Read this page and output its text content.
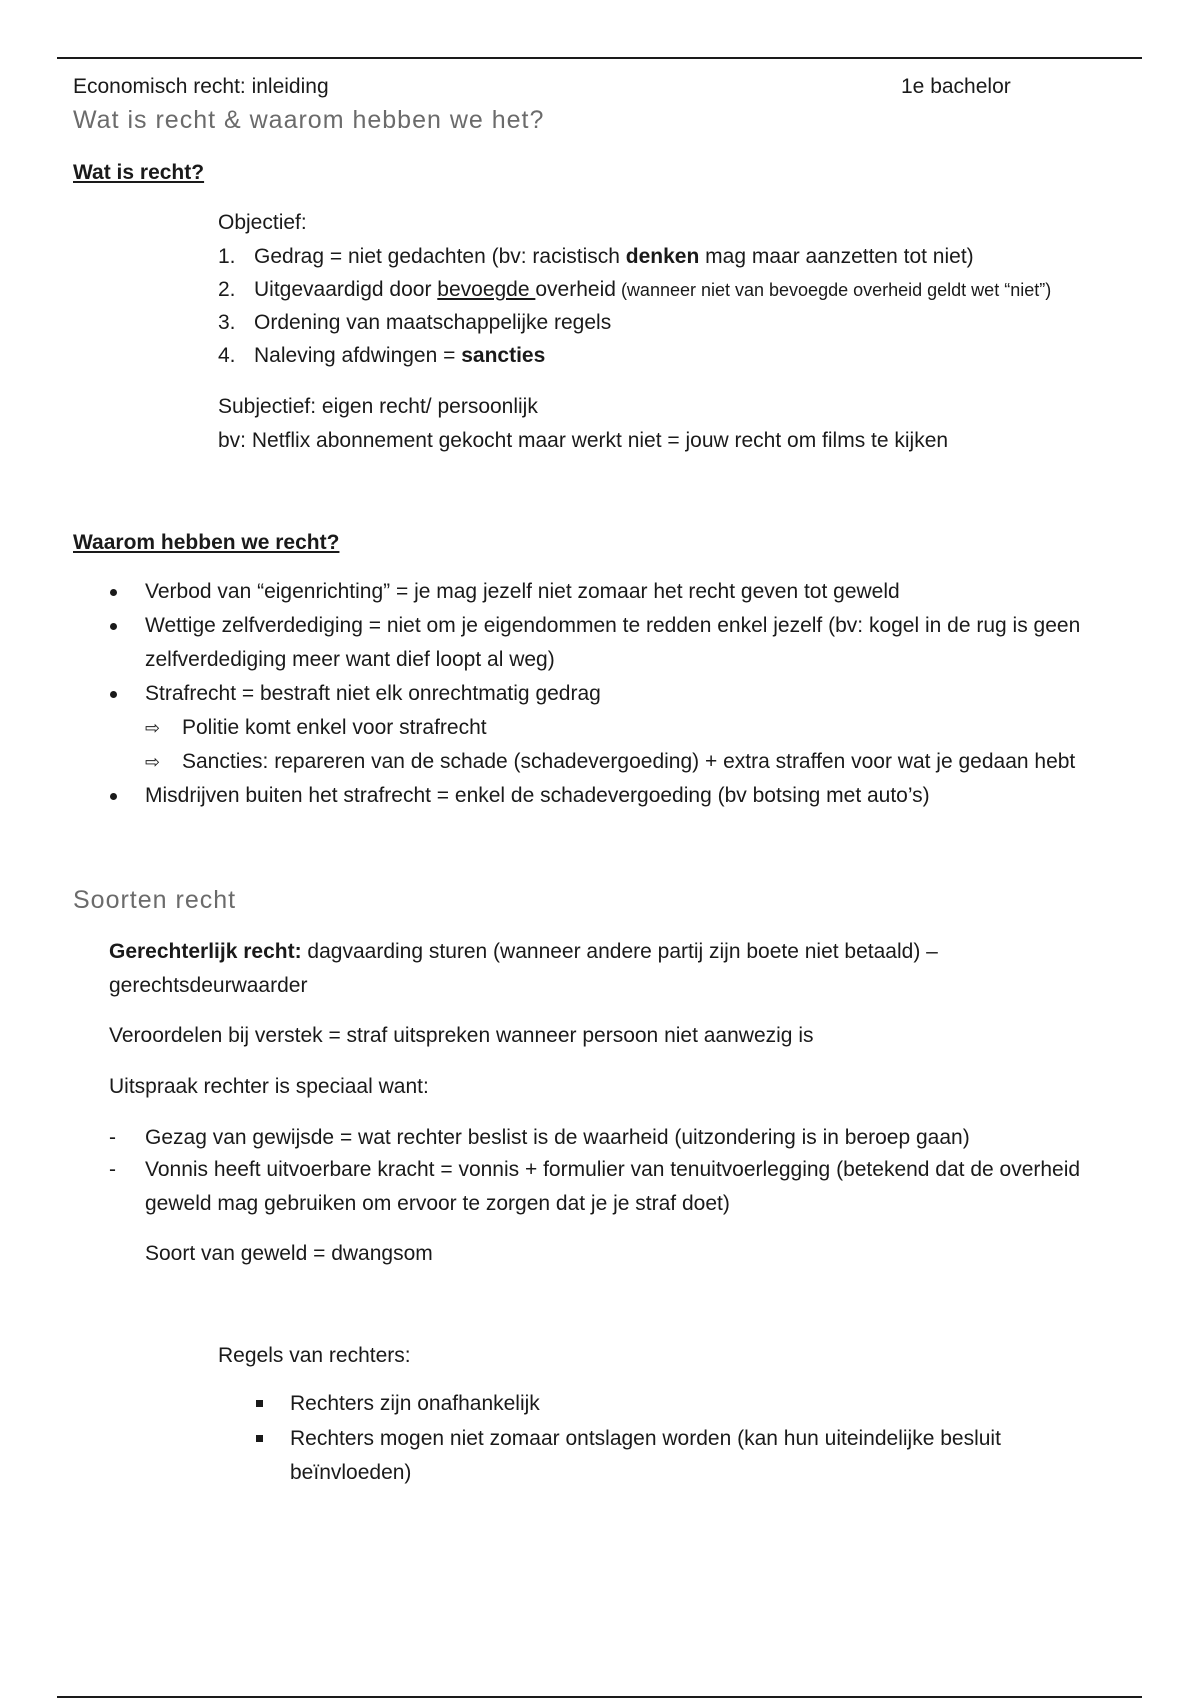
Economisch recht: inleiding	1e bachelor
Wat is recht & waarom hebben we het?
Wat is recht?
Objectief:
1. Gedrag = niet gedachten (bv: racistisch denken mag maar aanzetten tot niet)
2. Uitgevaardigd door bevoegde overheid (wanneer niet van bevoegde overheid geldt wet “niet”)
3. Ordening van maatschappelijke regels
4. Naleving afdwingen = sancties
Subjectief: eigen recht/ persoonlijk
bv: Netflix abonnement gekocht maar werkt niet = jouw recht om films te kijken
Waarom hebben we recht?
Verbod van “eigenrichting” = je mag jezelf niet zomaar het recht geven tot geweld
Wettige zelfverdediging = niet om je eigendommen te redden enkel jezelf (bv: kogel in de rug is geen
zelfverdediging meer want dief loopt al weg)
Strafrecht = bestraft niet elk onrechtmatig gedrag
⇨ Politie komt enkel voor strafrecht
⇨ Sancties: repareren van de schade (schadevergoeding) + extra straffen voor wat je gedaan hebt
Misdrijven buiten het strafrecht = enkel de schadevergoeding (bv botsing met auto’s)
Soorten recht
Gerechterlijk recht: dagvaarding sturen (wanneer andere partij zijn boete niet betaald) –
gerechtsdeurwaarder
Veroordelen bij verstek = straf uitspreken wanneer persoon niet aanwezig is
Uitspraak rechter is speciaal want:
- Gezag van gewijsde = wat rechter beslist is de waarheid (uitzondering is in beroep gaan)
- Vonnis heeft uitvoerbare kracht = vonnis + formulier van tenuitvoerlegging (betekend dat de overheid
geweld mag gebruiken om ervoor te zorgen dat je je straf doet)
Soort van geweld = dwangsom
Regels van rechters:
Rechters zijn onafhankelijk
Rechters mogen niet zomaar ontslagen worden (kan hun uiteindelijke besluit
beïnvloeden)
